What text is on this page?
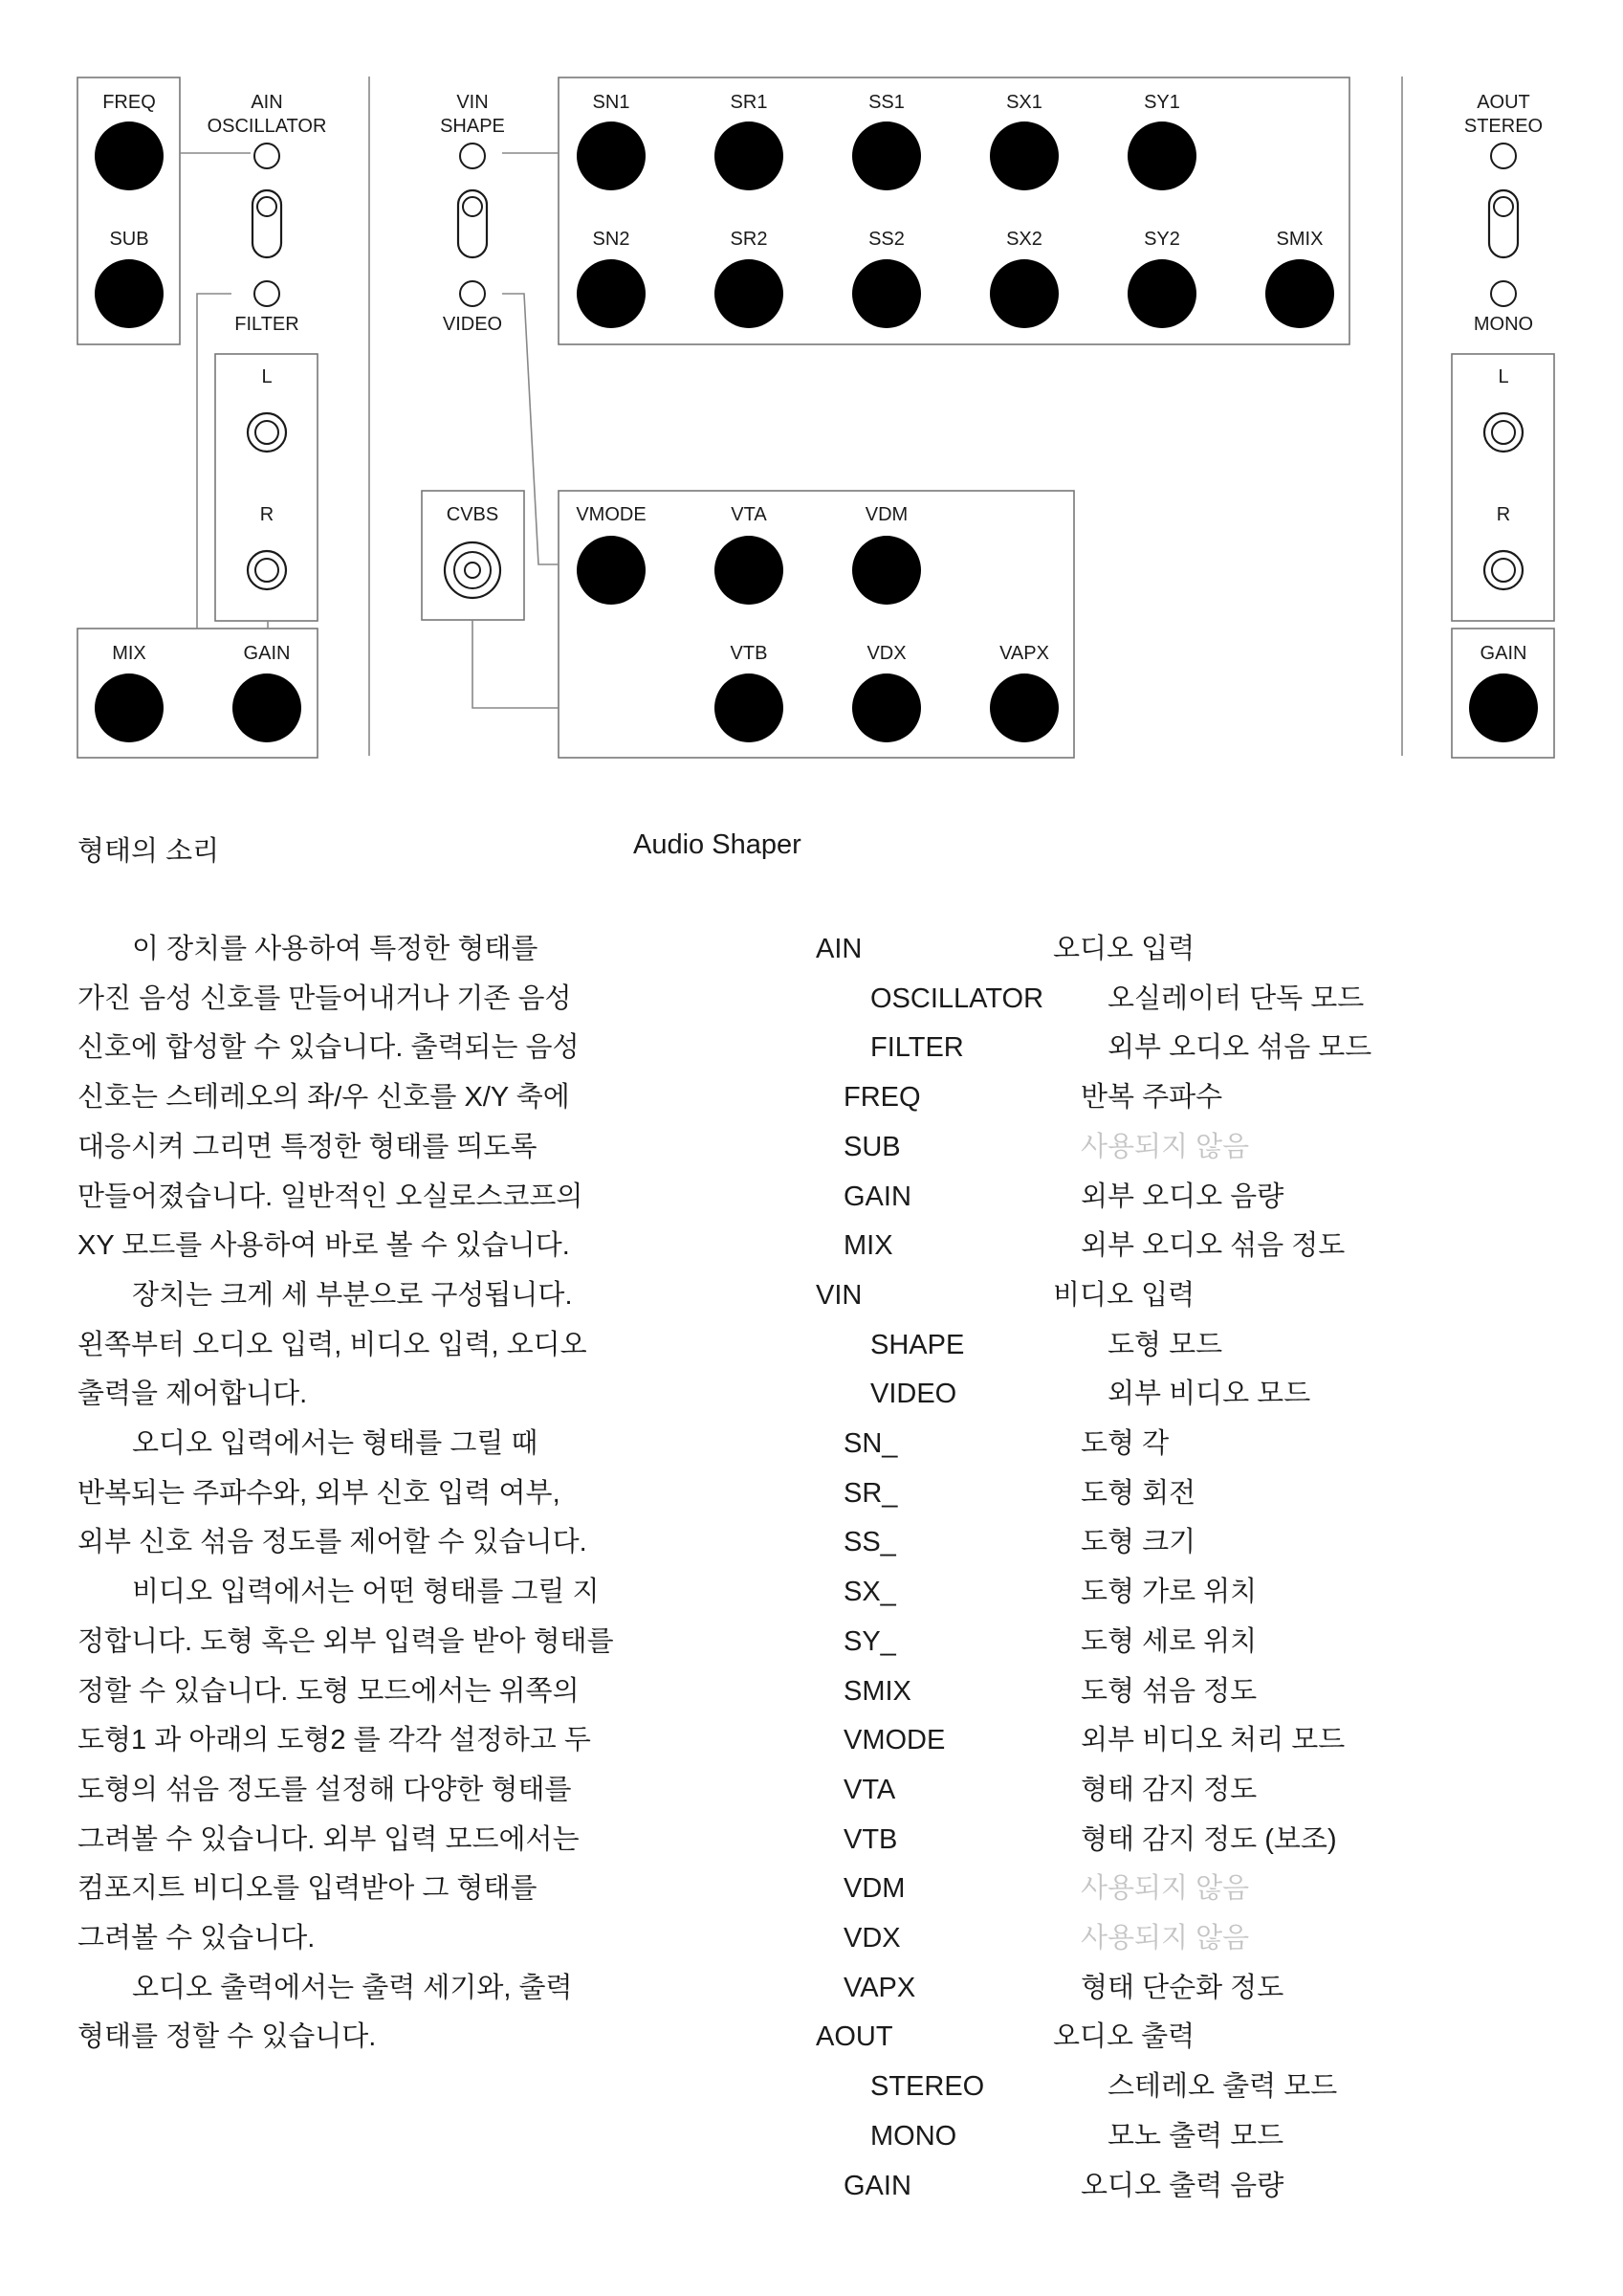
FREQ
SUB
AIN
OSCILLATOR
FILTER
L
R
MIX	GAIN
VIN
SHAPE
VIDEO
SN1	SR1	SS1	SX1	SY1
SN2	SR2	SS2	SX2	SY2	SMIX
CVBS	VMODE	VTA	VDM
VTB	VDX	VAPX
AOUT
STEREO
MONO
L
R
GAIN
형태의 소리	Audio Shaper

이 장치를 사용하여 특정한 형태를

가진 음성 신호를 만들어내거나 기존 음성

신호에 합성할 수 있습니다. 출력되는 음성

신호는 스테레오의 좌/우 신호를 X/Y 축에

대응시켜 그리면 특정한 형태를 띄도록

만들어졌습니다. 일반적인 오실로스코프의

XY 모드를 사용하여 바로 볼 수 있습니다.

장치는 크게 세 부분으로 구성됩니다.

왼쪽부터 오디오 입력, 비디오 입력, 오디오

출력을 제어합니다.

오디오 입력에서는 형태를 그릴 때

반복되는 주파수와, 외부 신호 입력 여부,

외부 신호 섞음 정도를 제어할 수 있습니다.

비디오 입력에서는 어떤 형태를 그릴 지

정합니다. 도형 혹은 외부 입력을 받아 형태를

정할 수 있습니다. 도형 모드에서는 위쪽의

도형1 과 아래의 도형2 를 각각 설정하고 두

도형의 섞음 정도를 설정해 다양한 형태를

그려볼 수 있습니다. 외부 입력 모드에서는

컴포지트 비디오를 입력받아 그 형태를

그려볼 수 있습니다.

오디오 출력에서는 출력 세기와, 출력

형태를 정할 수 있습니다.

AIN	오디오 입력
OSCILLATOR 오실레이터 단독 모드
FILTER	외부 오디오 섞음 모드
FREQ	반복 주파수
SUB	사용되지 않음
GAIN	외부 오디오 음량
MIX	외부 오디오 섞음 정도
VIN	비디오 입력
SHAPE	도형 모드
VIDEO	외부 비디오 모드
SN_	도형 각
SR_	도형 회전
SS_	도형 크기
SX_	도형 가로 위치
SY_	도형 세로 위치
SMIX	도형 섞음 정도
VMODE	외부 비디오 처리 모드
VTA	형태 감지 정도
VTB	형태 감지 정도 (보조)
VDM	사용되지 않음
VDX	사용되지 않음
VAPX	형태 단순화 정도
AOUT	오디오 출력
STEREO	스테레오 출력 모드
MONO	모노 출력 모드
GAIN	오디오 출력 음량
